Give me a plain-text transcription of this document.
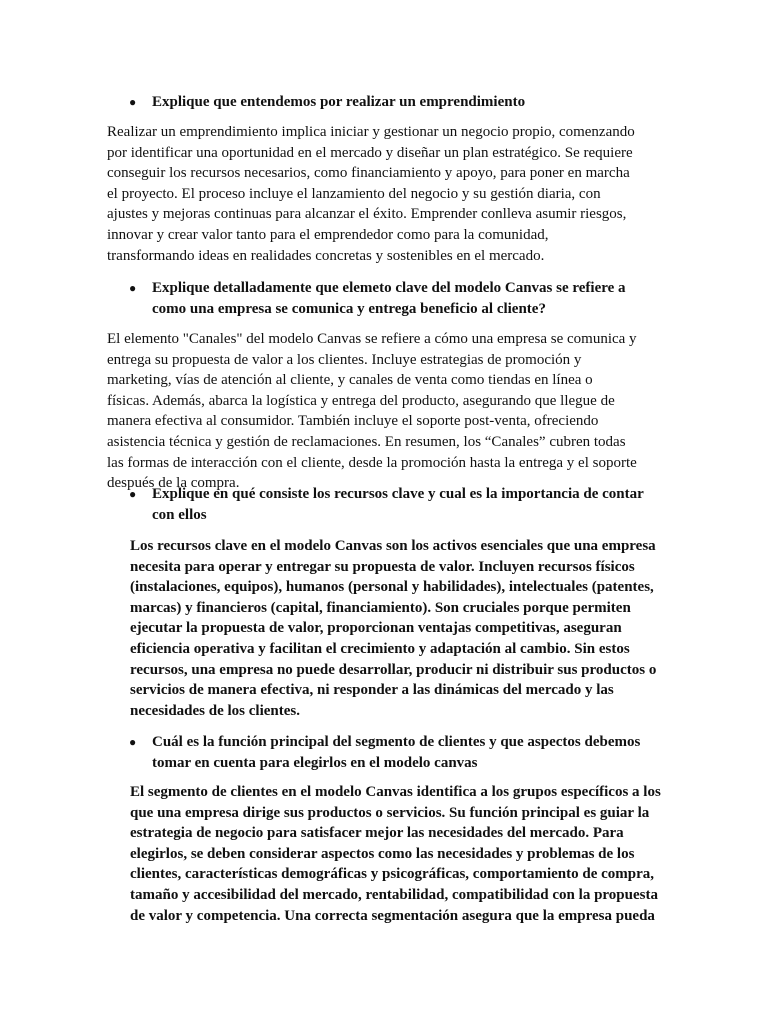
● Explique que entendemos por realizar un emprendimiento

Realizar un emprendimiento implica iniciar y gestionar un negocio propio, comenzando por identificar una oportunidad en el mercado y diseñar un plan estratégico. Se requiere conseguir los recursos necesarios, como financiamiento y apoyo, para poner en marcha el proyecto. El proceso incluye el lanzamiento del negocio y su gestión diaria, con ajustes y mejoras continuas para alcanzar el éxito. Emprender conlleva asumir riesgos, innovar y crear valor tanto para el emprendedor como para la comunidad, transformando ideas en realidades concretas y sostenibles en el mercado.

● Explique detalladamente que elemeto clave del modelo Canvas se refiere a como una empresa se comunica y entrega beneficio al cliente?

El elemento "Canales" del modelo Canvas se refiere a cómo una empresa se comunica y entrega su propuesta de valor a los clientes. Incluye estrategias de promoción y marketing, vías de atención al cliente, y canales de venta como tiendas en línea o físicas. Además, abarca la logística y entrega del producto, asegurando que llegue de manera efectiva al consumidor. También incluye el soporte post-venta, ofreciendo asistencia técnica y gestión de reclamaciones. En resumen, los “Canales” cubren todas las formas de interacción con el cliente, desde la promoción hasta la entrega y el soporte después de la compra.

● Explique en qué consiste los recursos clave y cual es la importancia de contar con ellos

Los recursos clave en el modelo Canvas son los activos esenciales que una empresa necesita para operar y entregar su propuesta de valor. Incluyen recursos físicos (instalaciones, equipos), humanos (personal y habilidades), intelectuales (patentes, marcas) y financieros (capital, financiamiento). Son cruciales porque permiten ejecutar la propuesta de valor, proporcionan ventajas competitivas, aseguran eficiencia operativa y facilitan el crecimiento y adaptación al cambio. Sin estos recursos, una empresa no puede desarrollar, producir ni distribuir sus productos o servicios de manera efectiva, ni responder a las dinámicas del mercado y las necesidades de los clientes.

● Cuál es la función principal del segmento de clientes y que aspectos debemos tomar en cuenta para elegirlos en el modelo canvas

El segmento de clientes en el modelo Canvas identifica a los grupos específicos a los que una empresa dirige sus productos o servicios. Su función principal es guiar la estrategia de negocio para satisfacer mejor las necesidades del mercado. Para elegirlos, se deben considerar aspectos como las necesidades y problemas de los clientes, características demográficas y psicográficas, comportamiento de compra, tamaño y accesibilidad del mercado, rentabilidad, compatibilidad con la propuesta de valor y competencia. Una correcta segmentación asegura que la empresa pueda
